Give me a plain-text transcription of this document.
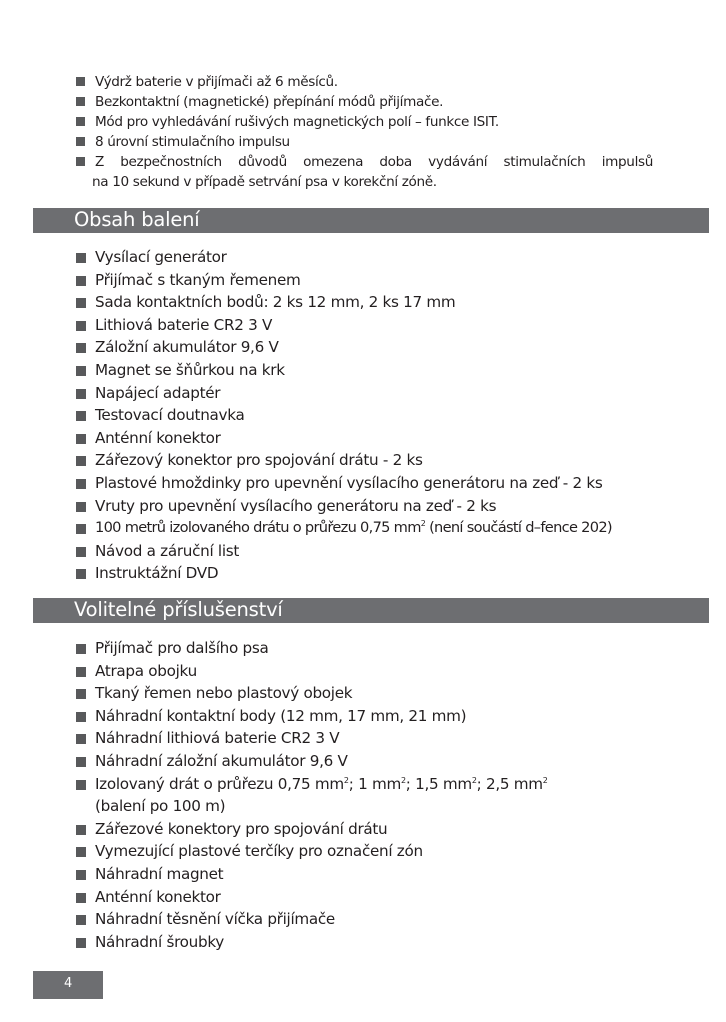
Výdrž baterie v přijímači až 6 měsíců.
Bezkontaktní (magnetické) přepínání módů přijímače.
Mód pro vyhledávání rušivých magnetických polí – funkce ISIT.
8 úrovní stimulačního impulsu
Z bezpečnostních důvodů omezena doba vydávání stimulačních impulsů
na 10 sekund v případě setrvání psa v korekční zóně.
Obsah balení
Vysílací generátor
Přijímač s tkaným řemenem
Sada kontaktních bodů: 2 ks 12 mm, 2 ks 17 mm
Lithiová baterie CR2 3 V
Záložní akumulátor 9,6 V
Magnet se šňůrkou na krk
Napájecí adaptér
Testovací doutnavka
Anténní konektor
Zářezový konektor pro spojování drátu - 2 ks
Plastové hmoždinky pro upevnění vysílacího generátoru na zeď - 2 ks
Vruty pro upevnění vysílacího generátoru na zeď - 2 ks
100 metrů izolovaného drátu o průřezu 0,75 $mm^2$ (není součástí d–fence 202)
Návod a záruční list
Instruktážní DVD
Volitelné příslušenství
Přijímač pro dalšího psa
Atrapa obojku
Tkaný řemen nebo plastový obojek
Náhradní kontaktní body (12 mm, 17 mm, 21 mm)
Náhradní lithiová baterie CR2 3 V
Náhradní záložní akumulátor 9,6 V
Izolovaný drát o průřezu 0,75 $mm^2$; 1 $mm^2$; 1,5 $mm^2$; 2,5 $mm^2$
(balení po 100 m)
Zářezové konektory pro spojování drátu
Vymezující plastové terčíky pro označení zón
Náhradní magnet
Anténní konektor
Náhradní těsnění víčka přijímače
Náhradní šroubky
4
